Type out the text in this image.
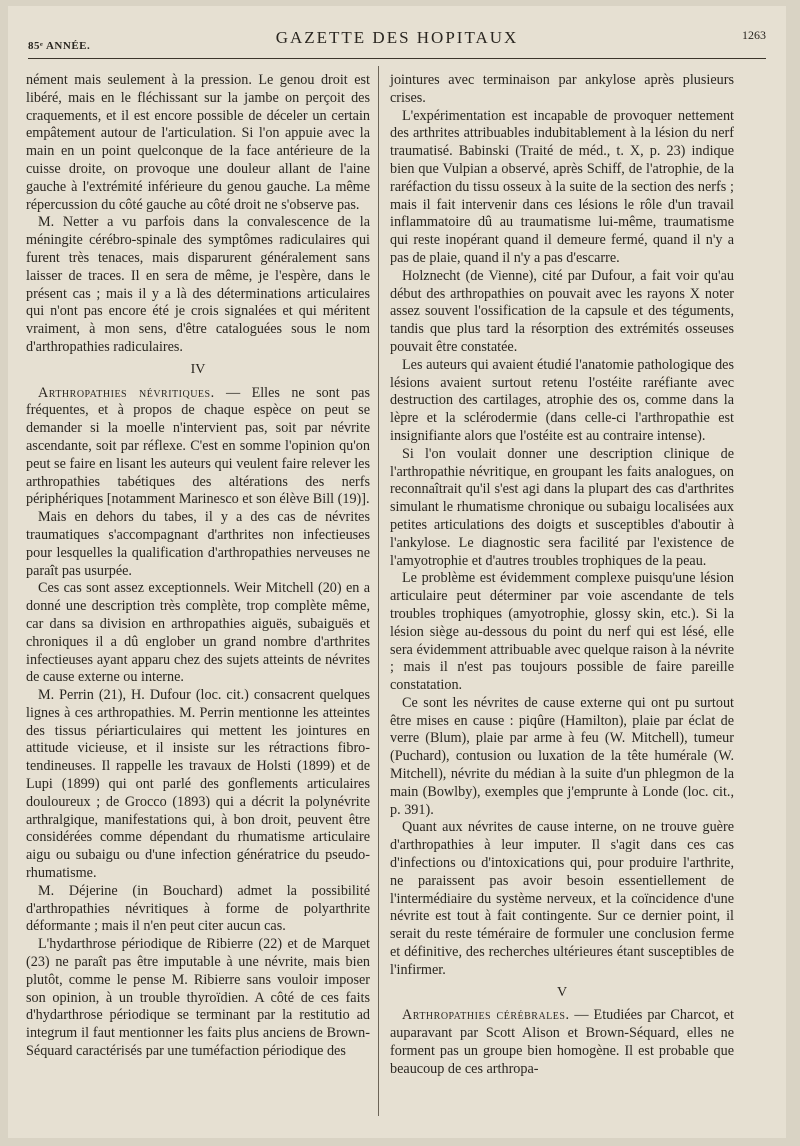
85ᵉ ANNÉE.	GAZETTE DES HOPITAUX	1263

nément mais seulement à la pression. Le genou droit est libéré, mais en le fléchissant sur la jambe on perçoit des craquements, et il est encore possible de déceler un certain empâtement autour de l'articulation. Si l'on appuie avec la main en un point quelconque de la face antérieure de la cuisse droite, on provoque une douleur allant de l'aine gauche à l'extrémité inférieure du genou gauche. La même répercussion du côté gauche au côté droit ne s'observe pas.

M. Netter a vu parfois dans la convalescence de la méningite cérébro-spinale des symptômes radiculaires qui furent très tenaces, mais disparurent généralement sans laisser de traces. Il en sera de même, je l'espère, dans le présent cas ; mais il y a là des déterminations articulaires qui n'ont pas encore été je crois signalées et qui méritent vraiment, à mon sens, d'être cataloguées sous le nom d'arthropathies radiculaires.

IV

Arthropathies névritiques. — Elles ne sont pas fréquentes, et à propos de chaque espèce on peut se demander si la moelle n'intervient pas, soit par névrite ascendante, soit par réflexe. C'est en somme l'opinion qu'on peut se faire en lisant les auteurs qui veulent faire relever les arthropathies tabétiques des altérations des nerfs périphériques [notamment Marinesco et son élève Bill (19)].

Mais en dehors du tabes, il y a des cas de névrites traumatiques s'accompagnant d'arthrites non infectieuses pour lesquelles la qualification d'arthropathies nerveuses ne paraît pas usurpée.

Ces cas sont assez exceptionnels. Weir Mitchell (20) en a donné une description très complète, trop complète même, car dans sa division en arthropathies aiguës, subaiguës et chroniques il a dû englober un grand nombre d'arthrites infectieuses ayant apparu chez des sujets atteints de névrites de cause externe ou interne.

M. Perrin (21), H. Dufour (loc. cit.) consacrent quelques lignes à ces arthropathies. M. Perrin mentionne les atteintes des tissus périarticulaires qui mettent les jointures en attitude vicieuse, et il insiste sur les rétractions fibro-tendineuses. Il rappelle les travaux de Holsti (1899) et de Lupi (1899) qui ont parlé des gonflements articulaires douloureux ; de Grocco (1893) qui a décrit la polynévrite arthralgique, manifestations qui, à bon droit, peuvent être considérées comme dépendant du rhumatisme articulaire aigu ou subaigu ou d'une infection génératrice du pseudo-rhumatisme.

M. Déjerine (in Bouchard) admet la possibilité d'arthropathies névritiques à forme de polyarthrite déformante ; mais il n'en peut citer aucun cas.

L'hydarthrose périodique de Ribierre (22) et de Marquet (23) ne paraît pas être imputable à une névrite, mais bien plutôt, comme le pense M. Ribierre sans vouloir imposer son opinion, à un trouble thyroïdien. A côté de ces faits d'hydarthrose périodique se terminant par la restitutio ad integrum il faut mentionner les faits plus anciens de Brown-Séquard caractérisés par une tuméfaction périodique des

jointures avec terminaison par ankylose après plusieurs crises.

L'expérimentation est incapable de provoquer nettement des arthrites attribuables indubitablement à la lésion du nerf traumatisé. Babinski (Traité de méd., t. X, p. 23) indique bien que Vulpian a observé, après Schiff, de l'atrophie, de la raréfaction du tissu osseux à la suite de la section des nerfs ; mais il fait intervenir dans ces lésions le rôle d'un travail inflammatoire dû au traumatisme lui-même, traumatisme qui reste inopérant quand il demeure fermé, quand il n'y a pas de plaie, quand il n'y a pas d'escarre.

Holznecht (de Vienne), cité par Dufour, a fait voir qu'au début des arthropathies on pouvait avec les rayons X noter assez souvent l'ossification de la capsule et des téguments, tandis que plus tard la résorption des extrémités osseuses pouvait être constatée.

Les auteurs qui avaient étudié l'anatomie pathologique des lésions avaient surtout retenu l'ostéite raréfiante avec destruction des cartilages, atrophie des os, comme dans la lèpre et la sclérodermie (dans celle-ci l'arthropathie est insignifiante alors que l'ostéite est au contraire intense).

Si l'on voulait donner une description clinique de l'arthropathie névritique, en groupant les faits analogues, on reconnaîtrait qu'il s'est agi dans la plupart des cas d'arthrites simulant le rhumatisme chronique ou subaigu localisées aux petites articulations des doigts et susceptibles d'aboutir à l'ankylose. Le diagnostic sera facilité par l'existence de l'amyotrophie et d'autres troubles trophiques de la peau.

Le problème est évidemment complexe puisqu'une lésion articulaire peut déterminer par voie ascendante de tels troubles trophiques (amyotrophie, glossy skin, etc.). Si la lésion siège au-dessous du point du nerf qui est lésé, elle sera évidemment attribuable avec quelque raison à la névrite ; mais il n'est pas toujours possible de faire pareille constatation.

Ce sont les névrites de cause externe qui ont pu surtout être mises en cause : piqûre (Hamilton), plaie par éclat de verre (Blum), plaie par arme à feu (W. Mitchell), tumeur (Puchard), contusion ou luxation de la tête humérale (W. Mitchell), névrite du médian à la suite d'un phlegmon de la main (Bowlby), exemples que j'emprunte à Londe (loc. cit., p. 391).

Quant aux névrites de cause interne, on ne trouve guère d'arthropathies à leur imputer. Il s'agit dans ces cas d'infections ou d'intoxications qui, pour produire l'arthrite, ne paraissent pas avoir besoin essentiellement de l'intermédiaire du système nerveux, et la coïncidence d'une névrite est tout à fait contingente. Sur ce dernier point, il serait du reste téméraire de formuler une conclusion ferme et définitive, des recherches ultérieures étant susceptibles de l'infirmer.

V

Arthropathies cérébrales. — Etudiées par Charcot, et auparavant par Scott Alison et Brown-Séquard, elles ne forment pas un groupe bien homogène. Il est probable que beaucoup de ces arthropa-
